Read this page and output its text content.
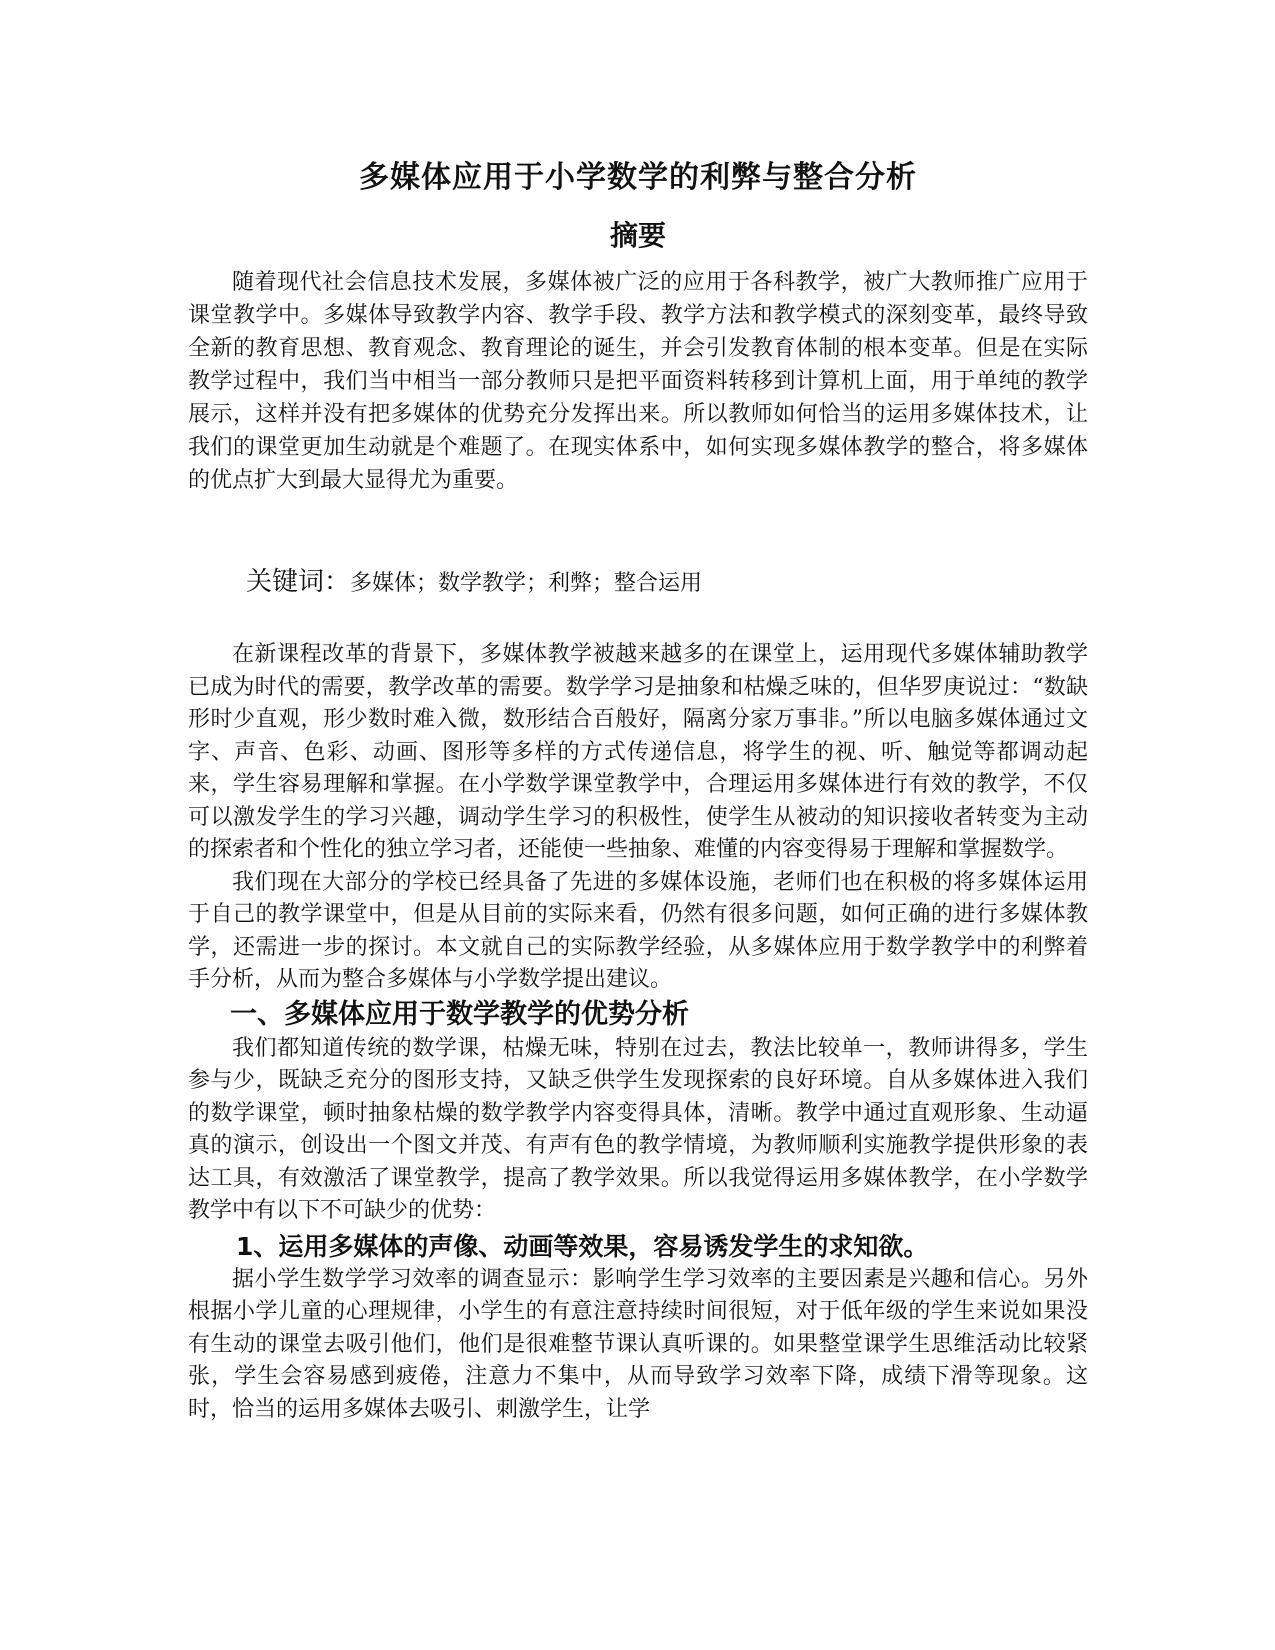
多媒体应用于小学数学的利弊与整合分析
摘要

随着现代社会信息技术发展，多媒体被广泛的应用于各科教学，被广大教师推广应用于课堂教学中。多媒体导致教学内容、教学手段、教学方法和教学模式的深刻变革，最终导致全新的教育思想、教育观念、教育理论的诞生，并会引发教育体制的根本变革。但是在实际教学过程中，我们当中相当一部分教师只是把平面资料转移到计算机上面，用于单纯的教学展示，这样并没有把多媒体的优势充分发挥出来。所以教师如何恰当的运用多媒体技术，让我们的课堂更加生动就是个难题了。在现实体系中，如何实现多媒体教学的整合，将多媒体的优点扩大到最大显得尤为重要。

关键词：多媒体；数学教学；利弊；整合运用

在新课程改革的背景下，多媒体教学被越来越多的在课堂上，运用现代多媒体辅助教学已成为时代的需要，教学改革的需要。数学学习是抽象和枯燥乏味的，但华罗庚说过：“数缺形时少直观，形少数时难入微，数形结合百般好，隔离分家万事非。”所以电脑多媒体通过文字、声音、色彩、动画、图形等多样的方式传递信息，将学生的视、听、触觉等都调动起来，学生容易理解和掌握。在小学数学课堂教学中，合理运用多媒体进行有效的教学，不仅可以激发学生的学习兴趣，调动学生学习的积极性，使学生从被动的知识接收者转变为主动的探索者和个性化的独立学习者，还能使一些抽象、难懂的内容变得易于理解和掌握数学。

我们现在大部分的学校已经具备了先进的多媒体设施，老师们也在积极的将多媒体运用于自己的教学课堂中，但是从目前的实际来看，仍然有很多问题，如何正确的进行多媒体教学，还需进一步的探讨。本文就自己的实际教学经验，从多媒体应用于数学教学中的利弊着手分析，从而为整合多媒体与小学数学提出建议。

一、多媒体应用于数学教学的优势分析

我们都知道传统的数学课，枯燥无味，特别在过去，教法比较单一，教师讲得多，学生参与少，既缺乏充分的图形支持，又缺乏供学生发现探索的良好环境。自从多媒体进入我们的数学课堂，顿时抽象枯燥的数学教学内容变得具体，清晰。教学中通过直观形象、生动逼真的演示，创设出一个图文并茂、有声有色的教学情境，为教师顺利实施教学提供形象的表达工具，有效激活了课堂教学，提高了教学效果。所以我觉得运用多媒体教学，在小学数学教学中有以下不可缺少的优势：

1、运用多媒体的声像、动画等效果，容易诱发学生的求知欲。

据小学生数学学习效率的调查显示：影响学生学习效率的主要因素是兴趣和信心。另外根据小学儿童的心理规律，小学生的有意注意持续时间很短，对于低年级的学生来说如果没有生动的课堂去吸引他们，他们是很难整节课认真听课的。如果整堂课学生思维活动比较紧张，学生会容易感到疲倦，注意力不集中，从而导致学习效率下降，成绩下滑等现象。这时，恰当的运用多媒体去吸引、刺激学生，让学
